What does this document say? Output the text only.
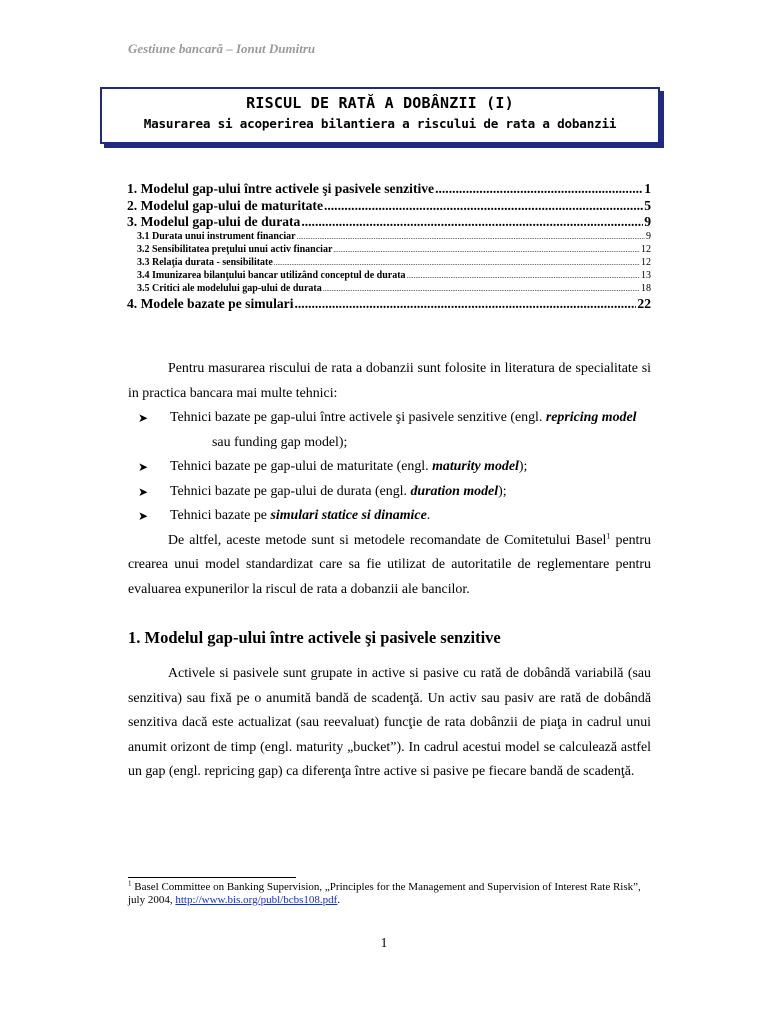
Gestiune bancară – Ionut Dumitru
RISCUL DE RATĂ A DOBÂNZII (I)
Masurarea si acoperirea bilantiera a riscului de rata a dobanzii
1. Modelul gap-ului între activele şi pasivele senzitive .....	1
2. Modelul gap-ului de maturitate .....	5
3. Modelul gap-ului de durata .....	9
3.1 Durata unui instrument financiar .....	9
3.2 Sensibilitatea preţului unui activ financiar .....	12
3.3 Relaţia durata - sensibilitate .....	12
3.4 Imunizarea bilanţului bancar utilizând conceptul de durata .....	13
3.5 Critici ale modelului gap-ului de durata .....	18
4. Modele bazate pe simulari .....	22

Pentru masurarea riscului de rata a dobanzii sunt folosite in literatura de specialitate si in practica bancara mai multe tehnici:

➤ Tehnici bazate pe gap-ului între activele şi pasivele senzitive (engl. repricing model
sau funding gap model);
➤ Tehnici bazate pe gap-ului de maturitate (engl. maturity model);
➤ Tehnici bazate pe gap-ului de durata (engl. duration model);
➤ Tehnici bazate pe simulari statice si dinamice.

De altfel, aceste metode sunt si metodele recomandate de Comitetului Basel$^1$ pentru crearea unui model standardizat care sa fie utilizat de autoritatile de reglementare pentru evaluarea expunerilor la riscul de rata a dobanzii ale bancilor.

1. Modelul gap-ului între activele şi pasivele senzitive

Activele si pasivele sunt grupate in active si pasive cu rată de dobândă variabilă (sau senzitiva) sau fixă pe o anumită bandă de scadenţă. Un activ sau pasiv are rată de dobândă senzitiva dacă este actualizat (sau reevaluat) funcţie de rata dobânzii de piaţa in cadrul unui anumit orizont de timp (engl. maturity „bucket”). In cadrul acestui model se calculează astfel un gap (engl. repricing gap) ca diferenţa între active si pasive pe fiecare bandă de scadenţă.

$^1$ Basel Committee on Banking Supervision, „Principles for the Management and Supervision of Interest Rate Risk”, july 2004, http://www.bis.org/publ/bcbs108.pdf.
1
